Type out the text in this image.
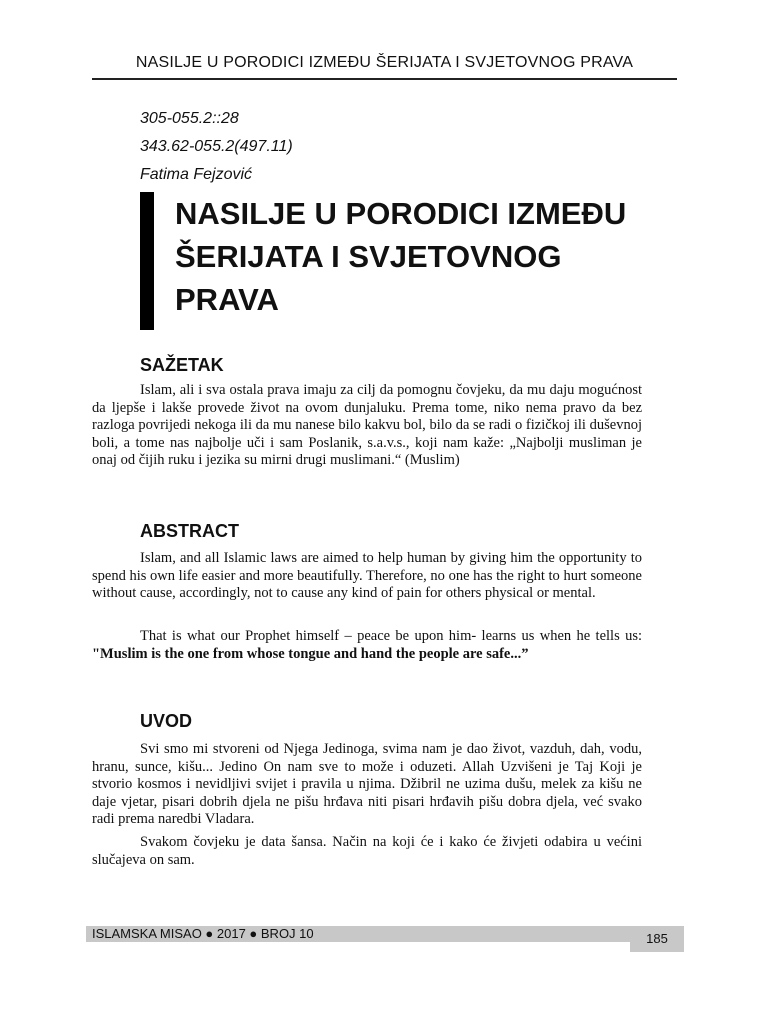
NASILJE U PORODICI IZMEĐU ŠERIJATA I SVJETOVNOG PRAVA
305-055.2::28
343.62-055.2(497.11)
Fatima Fejzović
NASILJE U PORODICI IZMEĐU
ŠERIJATA I SVJETOVNOG
PRAVA
SAŽETAK

Islam, ali i sva ostala prava imaju za cilj da pomognu čovjeku, da mu daju mogućnost da ljepše i lakše provede život na ovom dunjaluku. Prema tome, niko nema pravo da bez razloga povrijedi nekoga ili da mu nanese bilo kakvu bol, bilo da se radi o fizičkoj ili duševnoj boli, a tome nas najbolje uči i sam Poslanik, s.a.v.s., koji nam kaže: „Najbolji musliman je onaj od čijih ruku i jezika su mirni drugi muslimani.“ (Muslim)

ABSTRACT

Islam, and all Islamic laws are aimed to help human by giving him the opportunity to spend his own life easier and more beautifully. Therefore, no one has the right to hurt someone without cause, accordingly, not to cause any kind of pain for others physical or mental.

That is what our Prophet himself – peace be upon him- learns us when he tells us: "Muslim is the one from whose tongue and hand the people are safe...”

UVOD

Svi smo mi stvoreni od Njega Jedinoga, svima nam je dao život, vazduh, dah, vodu, hranu, sunce, kišu... Jedino On nam sve to može i oduzeti. Allah Uzvišeni je Taj Koji je stvorio kosmos i nevidljivi svijet i pravila u njima. Džibril ne uzima dušu, melek za kišu ne daje vjetar, pisari dobrih djela ne pišu hrđava niti pisari hrđavih pišu dobra djela, već svako radi prema naredbi Vladara.

Svakom čovjeku je data šansa. Način na koji će i kako će živjeti odabira u većini slučajeva on sam.

ISLAMSKA MISAO ● 2017 ● BROJ 10	185
